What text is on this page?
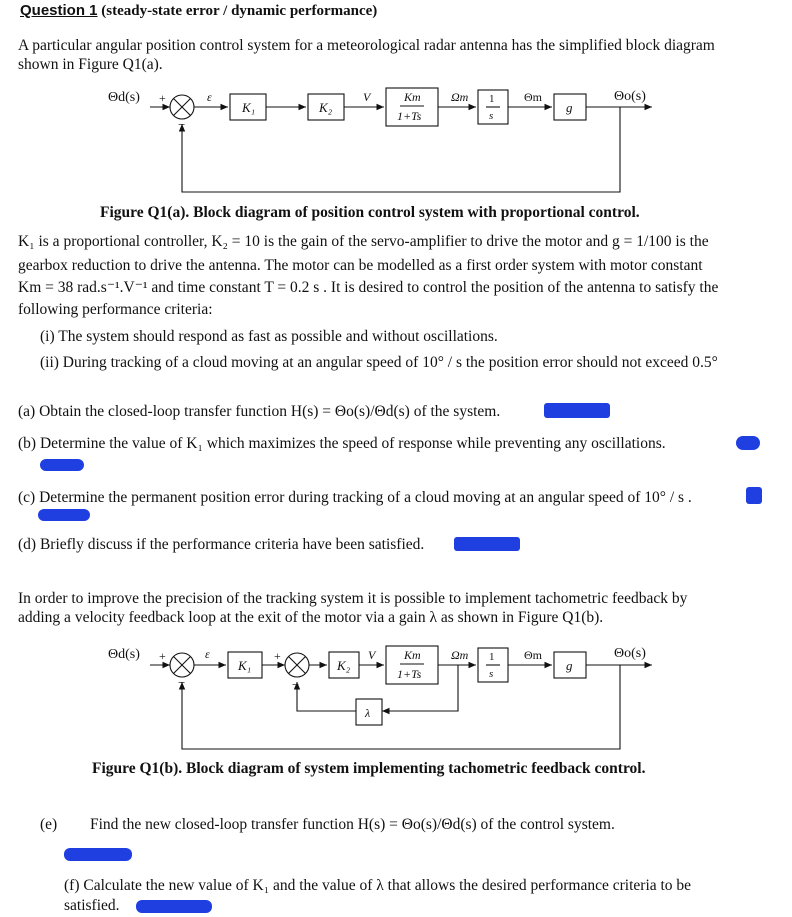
Question 1 (steady-state error / dynamic performance)
A particular angular position control system for a meteorological radar antenna has the simplified block diagram
shown in Figure Q1(a).
Θd(s) +
−
ε
K₁	K₂
V	Km
1+Ts
Ωm 1
s
Θm
g
Θo(s)
Figure Q1(a). Block diagram of position control system with proportional control.
K₁ is a proportional controller, K₂ = 10 is the gain of the servo-amplifier to drive the motor and g = 1/100 is the
gearbox reduction to drive the antenna. The motor can be modelled as a first order system with motor constant
Km = 38 rad.s⁻¹.V⁻¹ and time constant T = 0.2 s . It is desired to control the position of the antenna to satisfy the
following performance criteria:
(i) The system should respond as fast as possible and without oscillations.
(ii) During tracking of a cloud moving at an angular speed of 10° / s the position error should not exceed 0.5°
(a) Obtain the closed-loop transfer function H(s) = Θo(s)/Θd(s) of the system.
(b) Determine the value of K₁ which maximizes the speed of response while preventing any oscillations.
(c) Determine the permanent position error during tracking of a cloud moving at an angular speed of 10° / s .
(d) Briefly discuss if the performance criteria have been satisfied.
In order to improve the precision of the tracking system it is possible to implement tachometric feedback by
adding a velocity feedback loop at the exit of the motor via a gain λ as shown in Figure Q1(b).
Θd(s) +
−
ε
K₁
+
−
K₂
V Km
1+Ts
Ωm 1
s
Θm
g
λ
Θo(s)
Figure Q1(b). Block diagram of system implementing tachometric feedback control.
(e) Find the new closed-loop transfer function H(s) = Θo(s)/Θd(s) of the control system.
(f) Calculate the new value of K₁ and the value of λ that allows the desired performance criteria to be
satisfied.
